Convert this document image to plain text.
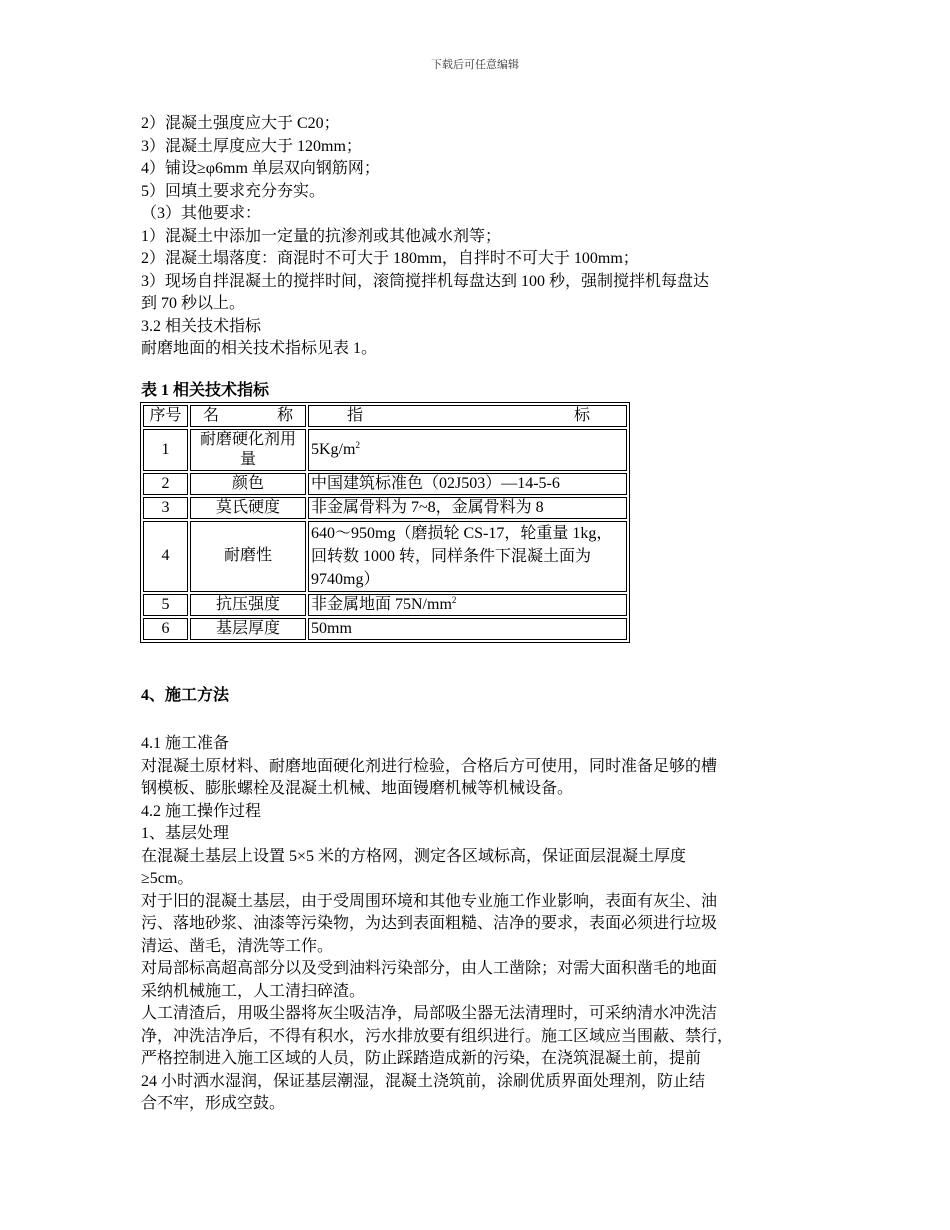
下载后可任意编辑

2）混凝土强度应大于 C20；

3）混凝土厚度应大于 120mm；

4）铺设≥φ6mm 单层双向钢筋网；

5）回填土要求充分夯实。

（3）其他要求：

1）混凝土中添加一定量的抗渗剂或其他减水剂等；

2）混凝土塌落度：商混时不可大于 180mm，自拌时不可大于 100mm；

3）现场自拌混凝土的搅拌时间，滚筒搅拌机每盘达到 100 秒，强制搅拌机每盘达

到 70 秒以上。

3.2 相关技术指标

耐磨地面的相关技术指标见表 1。

表 1 相关技术指标

序号	名 称	指 标

1	耐磨硬化剂用量	$5Kg/m^2$
2	颜色	中国建筑标准色（02J503）—14-5-6
3	莫氏硬度	非金属骨料为 7~8，金属骨料为 8
4	耐磨性	640～950mg（磨损轮 CS-17，轮重量 1kg，回转数 1000 转，同样条件下混凝土面为 9740mg）
5	抗压强度	非金属地面 $75N/mm^2$
6	基层厚度	50mm

4、施工方法

4.1 施工准备

对混凝土原材料、耐磨地面硬化剂进行检验，合格后方可使用，同时准备足够的槽

钢模板、膨胀螺栓及混凝土机械、地面镘磨机械等机械设备。

4.2 施工操作过程

1、基层处理

在混凝土基层上设置 5×5 米的方格网，测定各区域标高，保证面层混凝土厚度

≥5cm。

对于旧的混凝土基层，由于受周围环境和其他专业施工作业影响，表面有灰尘、油

污、落地砂浆、油漆等污染物，为达到表面粗糙、洁净的要求，表面必须进行垃圾

清运、凿毛，清洗等工作。

对局部标高超高部分以及受到油料污染部分，由人工凿除；对需大面积凿毛的地面

采纳机械施工，人工清扫碎渣。

人工清渣后，用吸尘器将灰尘吸洁净，局部吸尘器无法清理时，可采纳清水冲洗洁

净，冲洗洁净后，不得有积水，污水排放要有组织进行。施工区域应当围蔽、禁行，

严格控制进入施工区域的人员，防止踩踏造成新的污染，在浇筑混凝土前，提前

24 小时洒水湿润，保证基层潮湿，混凝土浇筑前，涂刷优质界面处理剂，防止结

合不牢，形成空鼓。
